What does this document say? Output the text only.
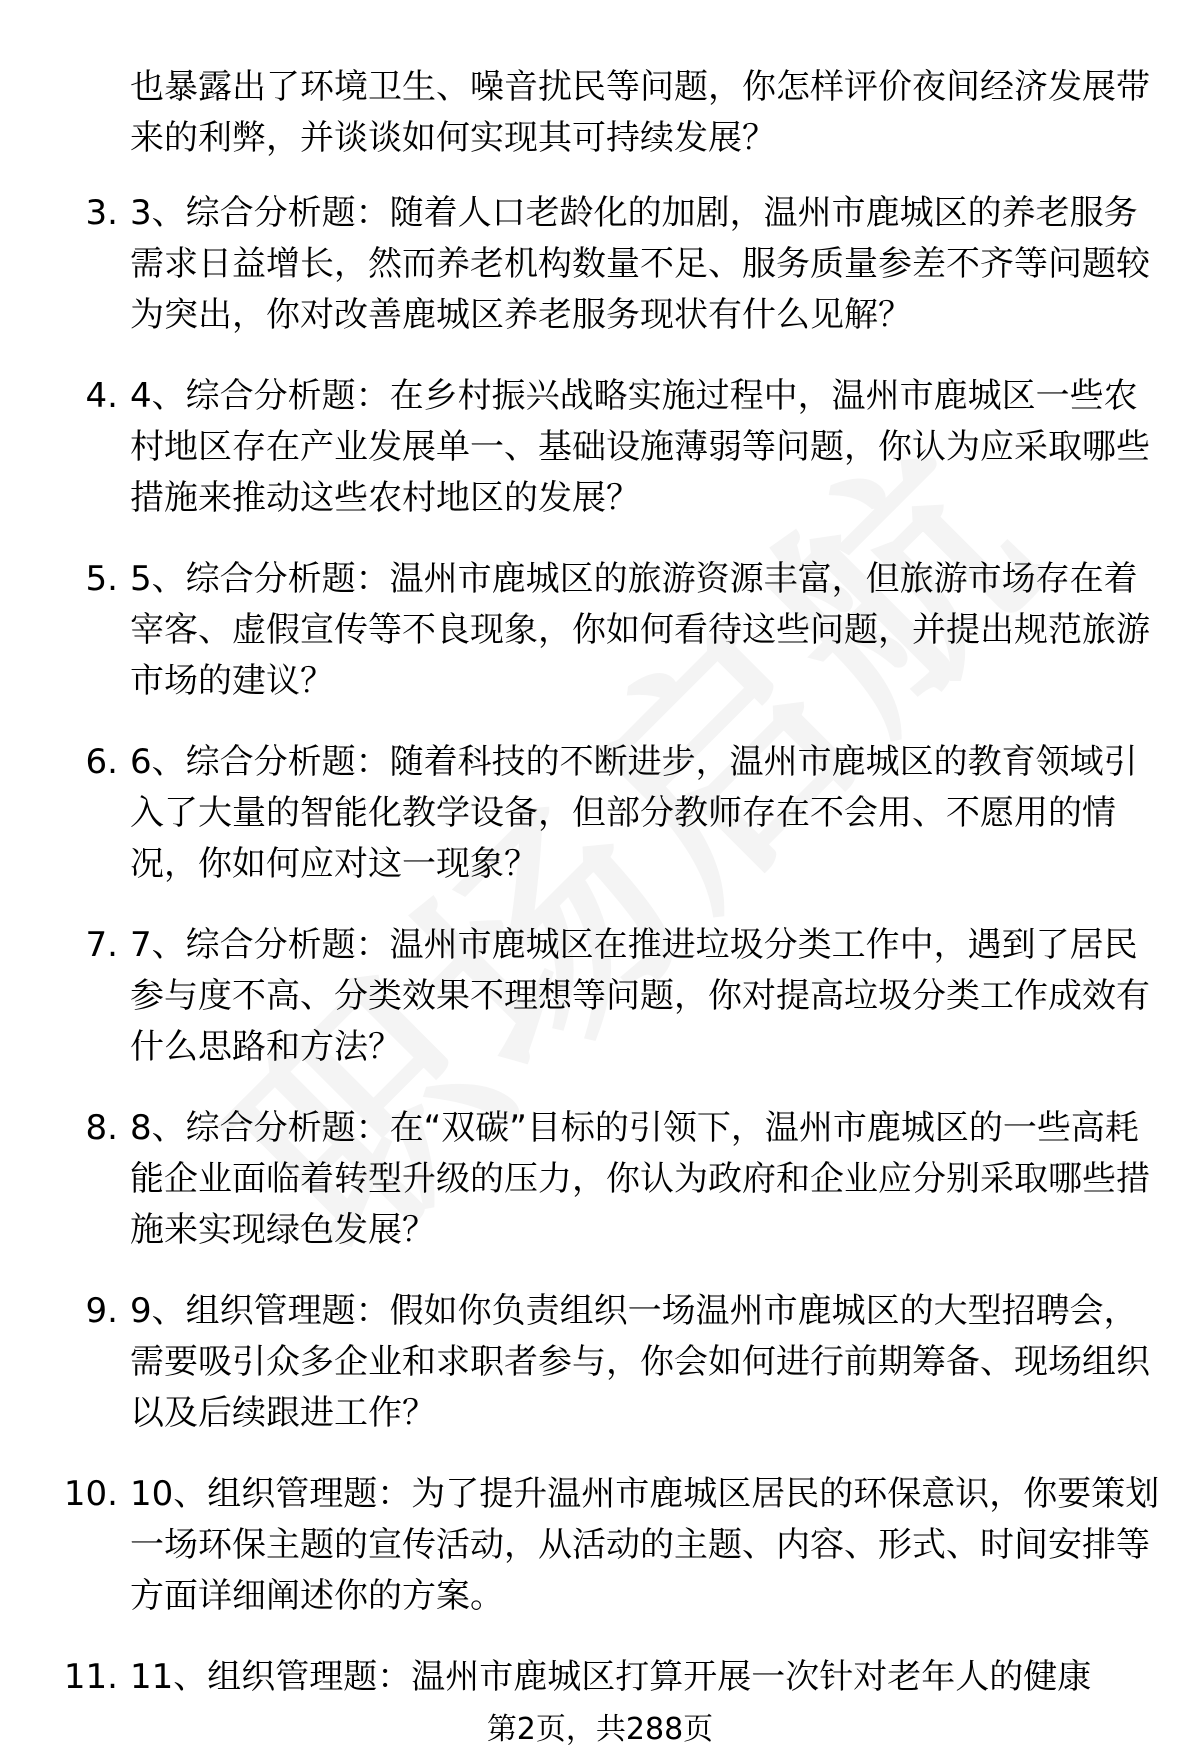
也暴露出了环境卫生、噪音扰民等问题，你怎样评价夜间经济发展带来的利弊，并谈谈如何实现其可持续发展？

3. 3、综合分析题：随着人口老龄化的加剧，温州市鹿城区的养老服务需求日益增长，然而养老机构数量不足、服务质量参差不齐等问题较为突出，你对改善鹿城区养老服务现状有什么见解？
4. 4、综合分析题：在乡村振兴战略实施过程中，温州市鹿城区一些农村地区存在产业发展单一、基础设施薄弱等问题，你认为应采取哪些措施来推动这些农村地区的发展？
5. 5、综合分析题：温州市鹿城区的旅游资源丰富，但旅游市场存在着宰客、虚假宣传等不良现象，你如何看待这些问题，并提出规范旅游市场的建议？
6. 6、综合分析题：随着科技的不断进步，温州市鹿城区的教育领域引入了大量的智能化教学设备，但部分教师存在不会用、不愿用的情况，你如何应对这一现象？
7. 7、综合分析题：温州市鹿城区在推进垃圾分类工作中，遇到了居民参与度不高、分类效果不理想等问题，你对提高垃圾分类工作成效有什么思路和方法？
8. 8、综合分析题：在“双碳”目标的引领下，温州市鹿城区的一些高耗能企业面临着转型升级的压力，你认为政府和企业应分别采取哪些措施来实现绿色发展？
9. 9、组织管理题：假如你负责组织一场温州市鹿城区的大型招聘会，需要吸引众多企业和求职者参与，你会如何进行前期筹备、现场组织以及后续跟进工作？
10. 10、组织管理题：为了提升温州市鹿城区居民的环保意识，你要策划一场环保主题的宣传活动，从活动的主题、内容、形式、时间安排等方面详细阐述你的方案。
11. 11、组织管理题：温州市鹿城区打算开展一次针对老年人的健康
第2页，共288页
